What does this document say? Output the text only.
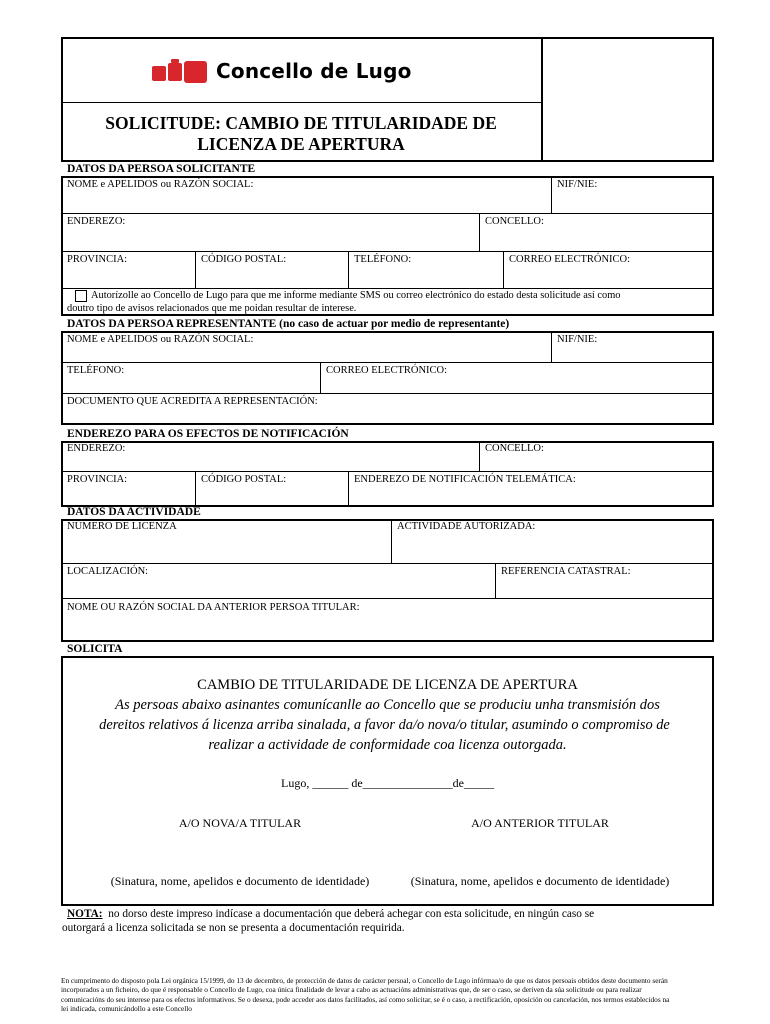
Concello de Lugo
SOLICITUDE: CAMBIO DE TITULARIDADE DE
LICENZA DE APERTURA
DATOS DA PERSOA SOLICITANTE
NOME e APELIDOS ou RAZÓN SOCIAL:	NIF/NIE:
ENDEREZO:	CONCELLO:
PROVINCIA:	CÓDIGO POSTAL:	TELÉFONO:	CORREO ELECTRÓNICO:
Autorízolle ao Concello de Lugo para que me informe mediante SMS ou correo electrónico do estado desta solicitude así como
doutro tipo de avisos relacionados que me poidan resultar de interese.
DATOS DA PERSOA REPRESENTANTE (no caso de actuar por medio de representante)
NOME e APELIDOS ou RAZÓN SOCIAL:	NIF/NIE:
TELÉFONO:	CORREO ELECTRÓNICO:
DOCUMENTO QUE ACREDITA A REPRESENTACIÓN:
ENDEREZO PARA OS EFECTOS DE NOTIFICACIÓN
ENDEREZO:	CONCELLO:
PROVINCIA:	CÓDIGO POSTAL:	ENDEREZO DE NOTIFICACIÓN TELEMÁTICA:
DATOS DA ACTIVIDADE
NÚMERO DE LICENZA	ACTIVIDADE AUTORIZADA:
LOCALIZACIÓN:	REFERENCIA CATASTRAL:
NOME OU RAZÓN SOCIAL DA ANTERIOR PERSOA TITULAR:
SOLICITA
CAMBIO DE TITULARIDADE DE LICENZA DE APERTURA
As persoas abaixo asinantes comunícanlle ao Concello que se produciu unha transmisión dos
dereitos relativos á licenza arriba sinalada, a favor da/o nova/o titular, asumindo o compromiso de
realizar a actividade de conformidade coa licenza outorgada.
Lugo, ______ de_______________de_____
A/O NOVA/A TITULAR	A/O ANTERIOR TITULAR
(Sinatura, nome, apelidos e documento de identidade)	(Sinatura, nome, apelidos e documento de identidade)
NOTA: no dorso deste impreso indícase a documentación que deberá achegar con esta solicitude, en ningún caso se
outorgará a licenza solicitada se non se presenta a documentación requirida.
En cumprimento do disposto pola Lei orgánica 15/1999, do 13 de decembro, de protección de datos de carácter persoal, o Concello de Lugo infórmaa/o de que os datos persoais obtidos deste documento serán
incorporados a un ficheiro, do que é responsable o Concello de Lugo, coa única finalidade de levar a cabo as actuacións administrativas que, de ser o caso, se deriven da súa solicitude ou para realizar
comunicacións do seu interese para os efectos informativos. Se o desexa, pode acceder aos datos facilitados, así como solicitar, se é o caso, a rectificación, oposición ou cancelación, nos termos establecidos na
lei indicada, comunicándollo a este Concello
